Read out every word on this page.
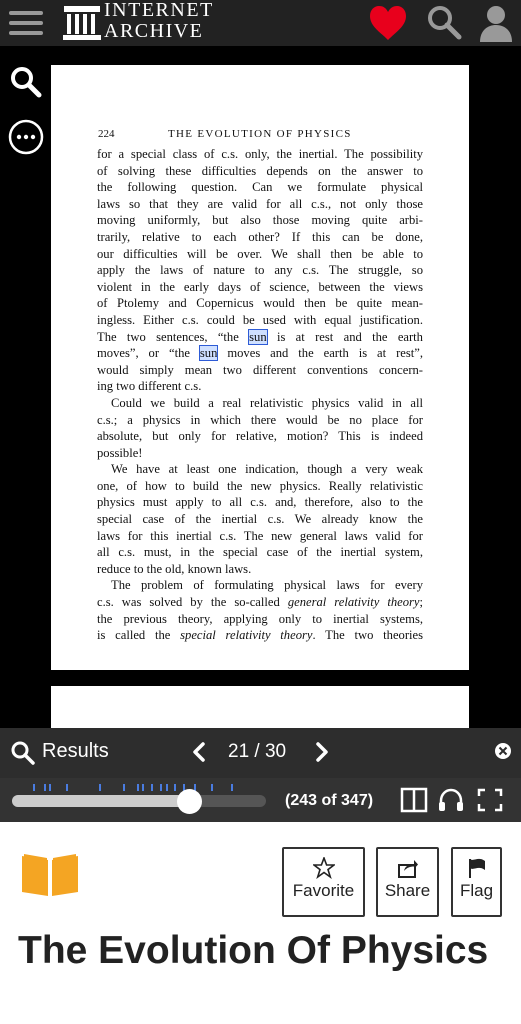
INTERNET
ARCHIVE
224	THE EVOLUTION OF PHYSICS
for a special class of c.s. only, the inertial. The possibility
of solving these difficulties depends on the answer to
the following question. Can we formulate physical
laws so that they are valid for all c.s., not only those
moving uniformly, but also those moving quite arbi-
trarily, relative to each other? If this can be done,
our difficulties will be over. We shall then be able to
apply the laws of nature to any c.s. The struggle, so
violent in the early days of science, between the views
of Ptolemy and Copernicus would then be quite mean-
ingless. Either c.s. could be used with equal justification.
The two sentences, “the sun is at rest and the earth
moves”, or “the sun moves and the earth is at rest”,
would simply mean two different conventions concern-
ing two different c.s.
Could we build a real relativistic physics valid in all
c.s.; a physics in which there would be no place for
absolute, but only for relative, motion? This is indeed
possible!
We have at least one indication, though a very weak
one, of how to build the new physics. Really relativistic
physics must apply to all c.s. and, therefore, also to the
special case of the inertial c.s. We already know the
laws for this inertial c.s. The new general laws valid for
all c.s. must, in the special case of the inertial system,
reduce to the old, known laws.
The problem of formulating physical laws for every
c.s. was solved by the so-called general relativity theory;
the previous theory, applying only to inertial systems,
is called the special relativity theory. The two theories
Results	21 / 30
(243 of 347)
Favorite	Share	Flag
The Evolution Of Physics
